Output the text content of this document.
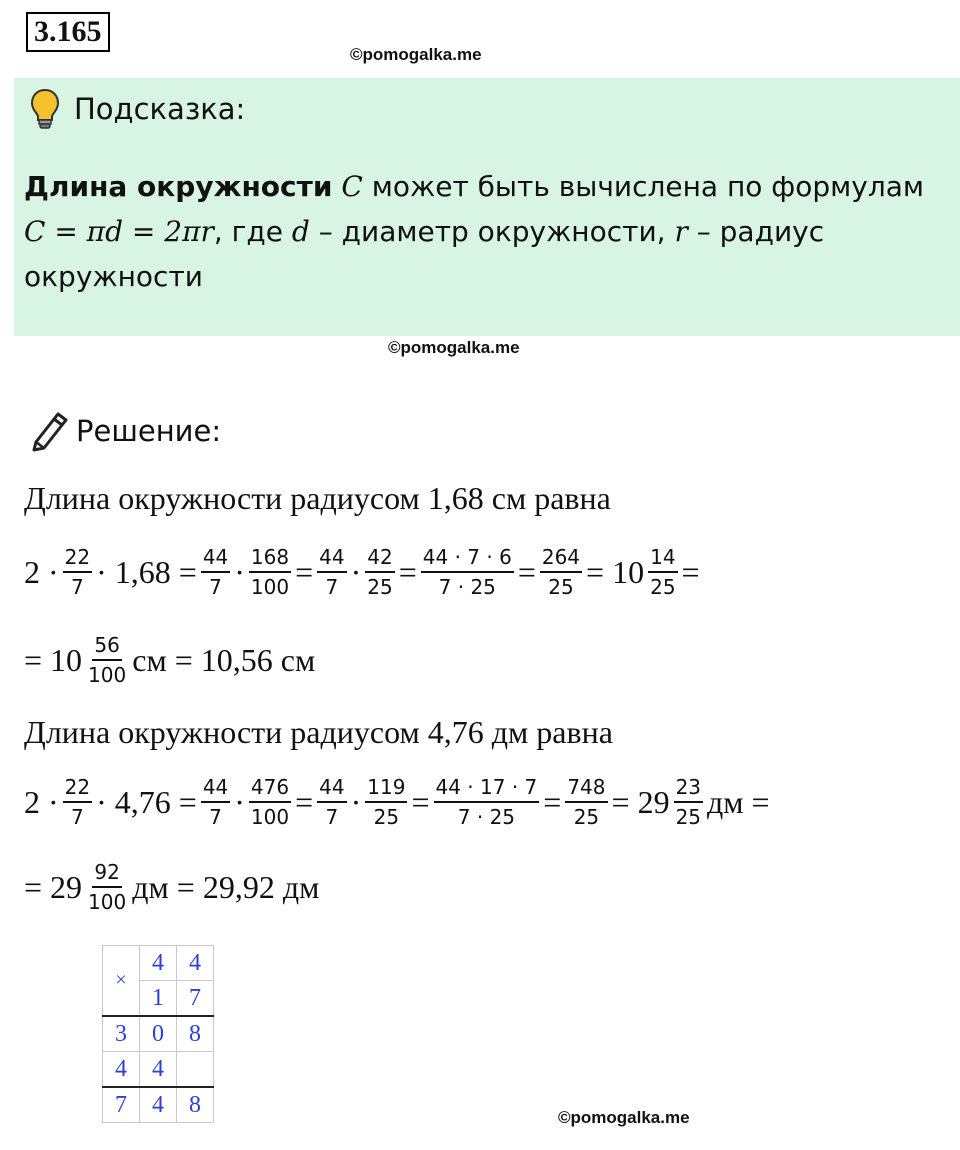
3.165
©pomogalka.me
Подсказка:
Длина окружности C может быть вычислена по формулам
C = πd = 2πr, где d – диаметр окружности, r – радиус
окружности
©pomogalka.me
Решение:
Длина окружности радиусом 1,68 см равна
$2 \cdot \frac{22}{7} \cdot 1,68 = \frac{44}{7} \cdot \frac{168}{100} = \frac{44}{7} \cdot \frac{42}{25} = \frac{44 \cdot 7 \cdot 6}{7 \cdot 25} = \frac{264}{25} = 10 \frac{14}{25}$ =
= $10 \frac{56}{100}$ см = 10,56 см
Длина окружности радиусом 4,76 дм равна
$2 \cdot \frac{22}{7} \cdot 4,76 = \frac{44}{7} \cdot \frac{476}{100} = \frac{44}{7} \cdot \frac{119}{25} = \frac{44 \cdot 17 \cdot 7}{7 \cdot 25} = \frac{748}{25} = 29 \frac{23}{25}$ дм =
= $29 \frac{92}{100}$ дм = 29,92 дм
×	4	4
	1	7
3	0	8
4	4	
7	4	8	©pomogalka.me
